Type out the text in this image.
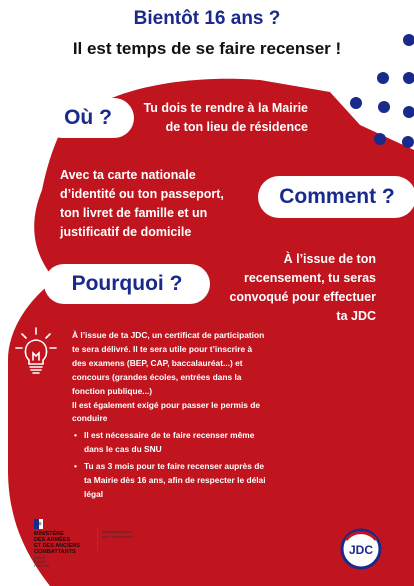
Bientôt 16 ans ?
Il est temps de se faire recenser !
Où ?	Tu dois te rendre à la Mairie
de ton lieu de résidence
Avec ta carte nationale
d’identité ou ton passeport,
ton livret de famille et un
justificatif de domicile
Comment ?
À l’issue de ton
recensement, tu seras
convoqué pour effectuer
ta JDC
Pourquoi ?

À l’issue de ta JDC, un certificat de participation

te sera délivré. Il te sera utile pour t’inscrire à

des examens (BEP, CAP, baccalauréat...) et

concours (grandes écoles, entrées dans la

fonction publique...)

Il est également exigé pour passer le permis de

conduire

• Il est nécessaire de te faire recenser même

dans le cas du SNU

• Tu as 3 mois pour te faire recenser auprès de

ta Mairie dès 16 ans, afin de respecter le délai

légal

MINISTÈRE
DES ARMÉES
ET DES ANCIENS
COMBATTANTS
Liberté
Égalité
Fraternité
Secrétariat général
pour l’administration
JDC
